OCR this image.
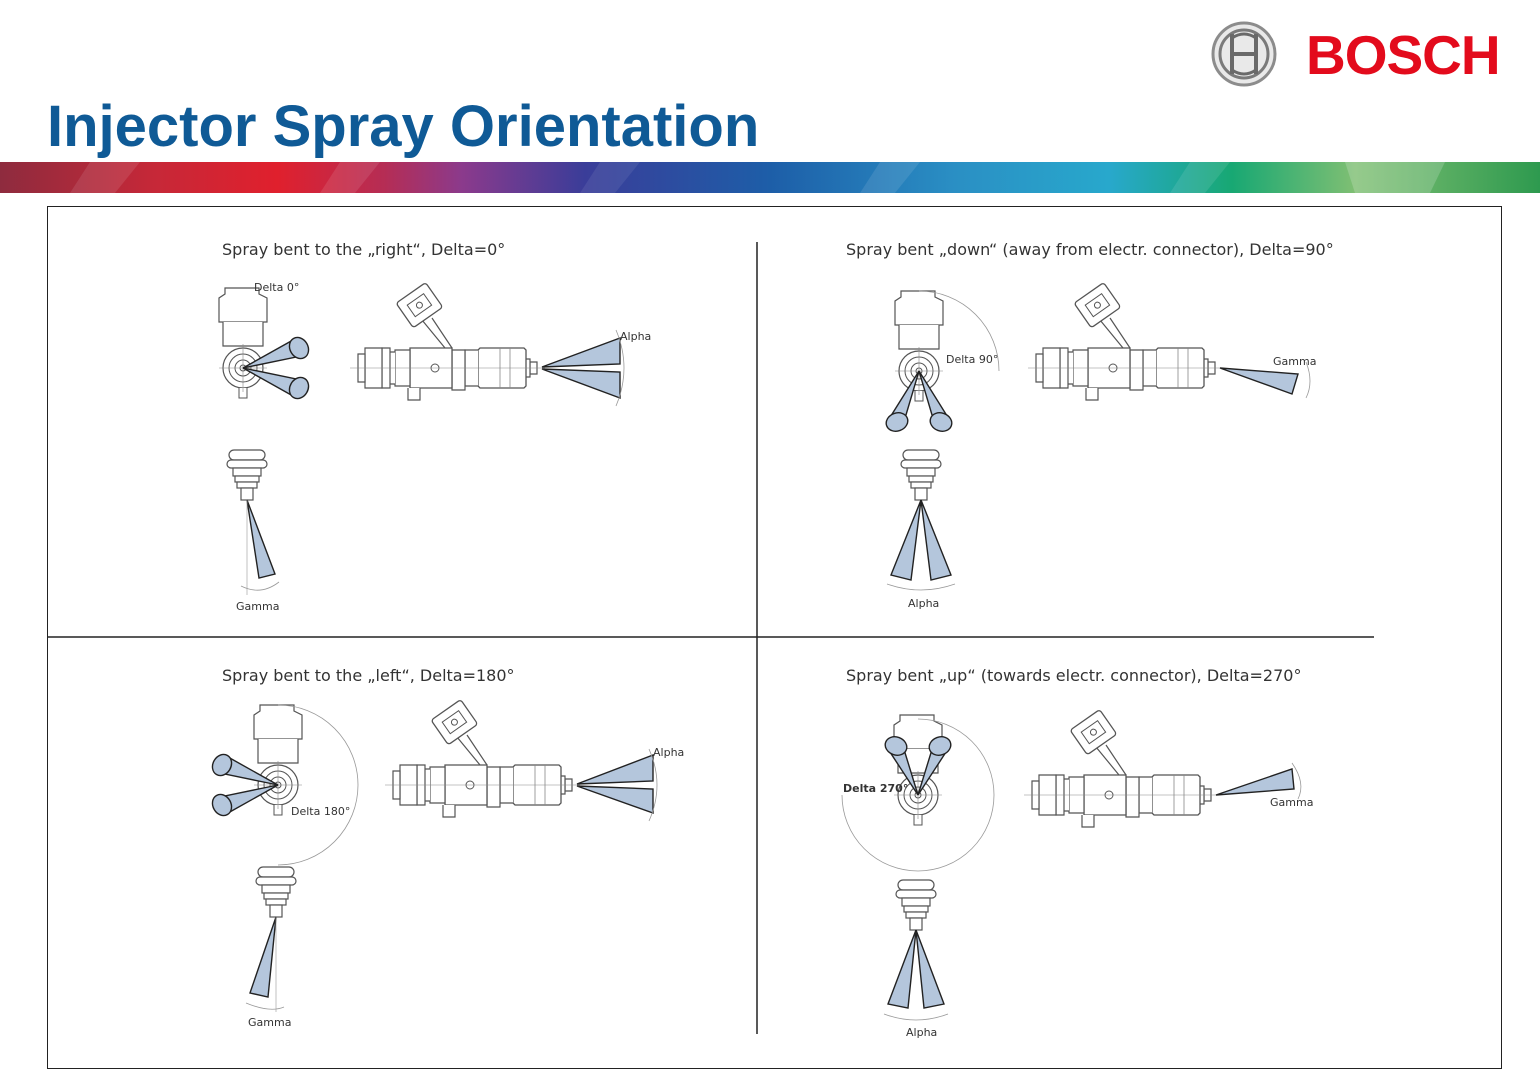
Injector Spray Orientation
BOSCH
Spray bent to the „right“, Delta=0°	Spray bent „down“ (away from electr. connector), Delta=90°
Spray bent to the „left“, Delta=180°	Spray bent „up“ (towards electr. connector), Delta=270°
Delta 0°
Alpha
Gamma
Delta 90°	Gamma
Alpha
Delta 180°
Alpha
Gamma
Delta 270°
Gamma
Alpha
